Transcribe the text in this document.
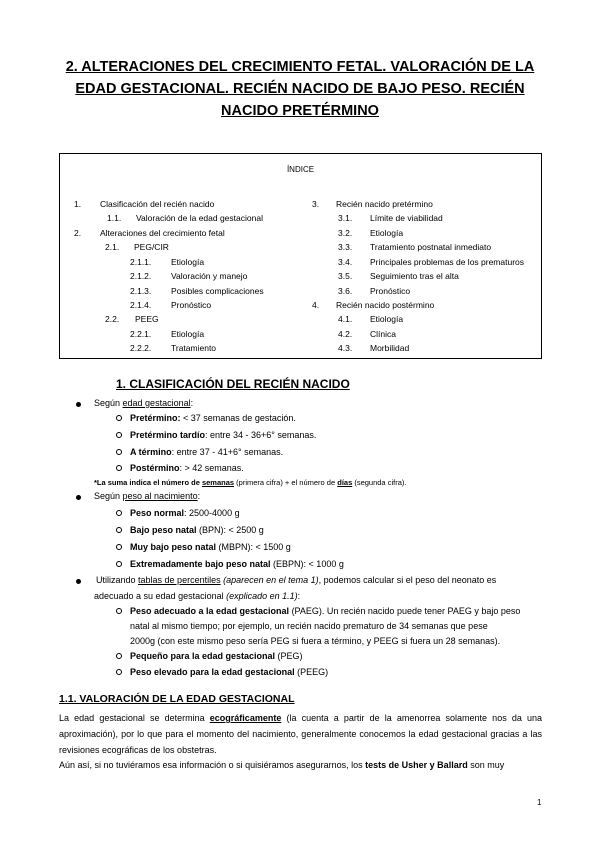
2. ALTERACIONES DEL CRECIMIENTO FETAL. VALORACIÓN DE LA EDAD GESTACIONAL. RECIÉN NACIDO DE BAJO PESO. RECIÉN NACIDO PRETÉRMINO
ÍNDICE
1. Clasificación del recién nacido
1.1. Valoración de la edad gestacional
2. Alteraciones del crecimiento fetal
2.1. PEG/CIR
2.1.1. Etiología
2.1.2. Valoración y manejo
2.1.3. Posibles complicaciones
2.1.4. Pronóstico
2.2. PEEG
2.2.1. Etiología
2.2.2. Tratamiento
3. Recién nacido pretérmino
3.1. Límite de viabilidad
3.2. Etiología
3.3. Tratamiento postnatal inmediato
3.4. Principales problemas de los prematuros
3.5. Seguimiento tras el alta
3.6. Pronóstico
4. Recién nacido postérmino
4.1. Etiología
4.2. Clínica
4.3. Morbilidad
1. CLASIFICACIÓN DEL RECIÉN NACIDO
Según edad gestacional:
Pretérmino: < 37 semanas de gestación.
Pretérmino tardío: entre 34 - 36+6° semanas.
A término: entre 37 - 41+6° semanas.
Postérmino: > 42 semanas.
*La suma indica el número de semanas (primera cifra) + el número de días (segunda cifra).
Según peso al nacimiento:
Peso normal: 2500-4000 g
Bajo peso natal (BPN): < 2500 g
Muy bajo peso natal (MBPN): < 1500 g
Extremadamente bajo peso natal (EBPN): < 1000 g
Utilizando tablas de percentiles (aparecen en el tema 1), podemos calcular si el peso del neonato es
adecuado a su edad gestacional (explicado en 1.1):
Peso adecuado a la edad gestacional (PAEG). Un recién nacido puede tener PAEG y bajo peso
natal al mismo tiempo; por ejemplo, un recién nacido prematuro de 34 semanas que pese
2000g (con este mismo peso sería PEG si fuera a término, y PEEG si fuera un 28 semanas).
Pequeño para la edad gestacional (PEG)
Peso elevado para la edad gestacional (PEEG)
1.1. VALORACIÓN DE LA EDAD GESTACIONAL
La edad gestacional se determina ecográficamente (la cuenta a partir de la amenorrea solamente nos da una aproximación), por lo que para el momento del nacimiento, generalmente conocemos la edad gestacional gracias a las revisiones ecográficas de los obstetras.
Aún así, si no tuviéramos esa información o si quisiéramos asegurarnos, los tests de Usher y Ballard son muy
1
